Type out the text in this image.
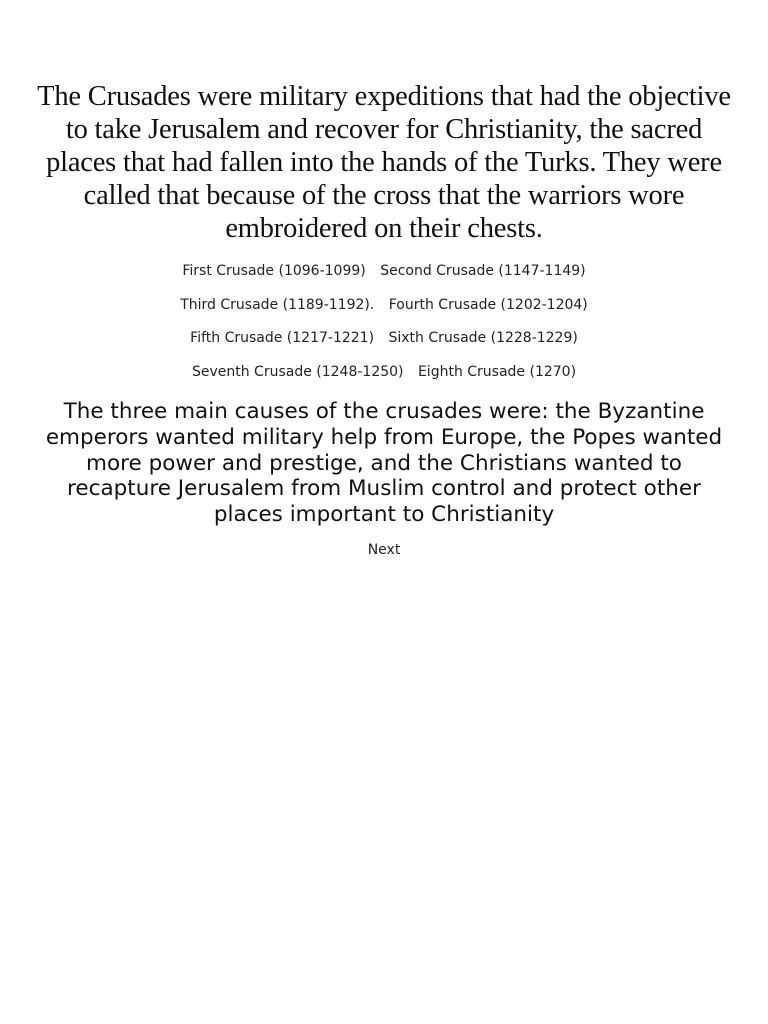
The Crusades were military expeditions that had the objective to take Jerusalem and recover for Christianity, the sacred places that had fallen into the hands of the Turks. They were called that because of the cross that the warriors wore embroidered on their chests.

First Crusade (1096-1099) Second Crusade (1147-1149)
Third Crusade (1189-1192). Fourth Crusade (1202-1204)
Fifth Crusade (1217-1221) Sixth Crusade (1228-1229)
Seventh Crusade (1248-1250) Eighth Crusade (1270)

The three main causes of the crusades were: the Byzantine emperors wanted military help from Europe, the Popes wanted more power and prestige, and the Christians wanted to recapture Jerusalem from Muslim control and protect other places important to Christianity

Next
